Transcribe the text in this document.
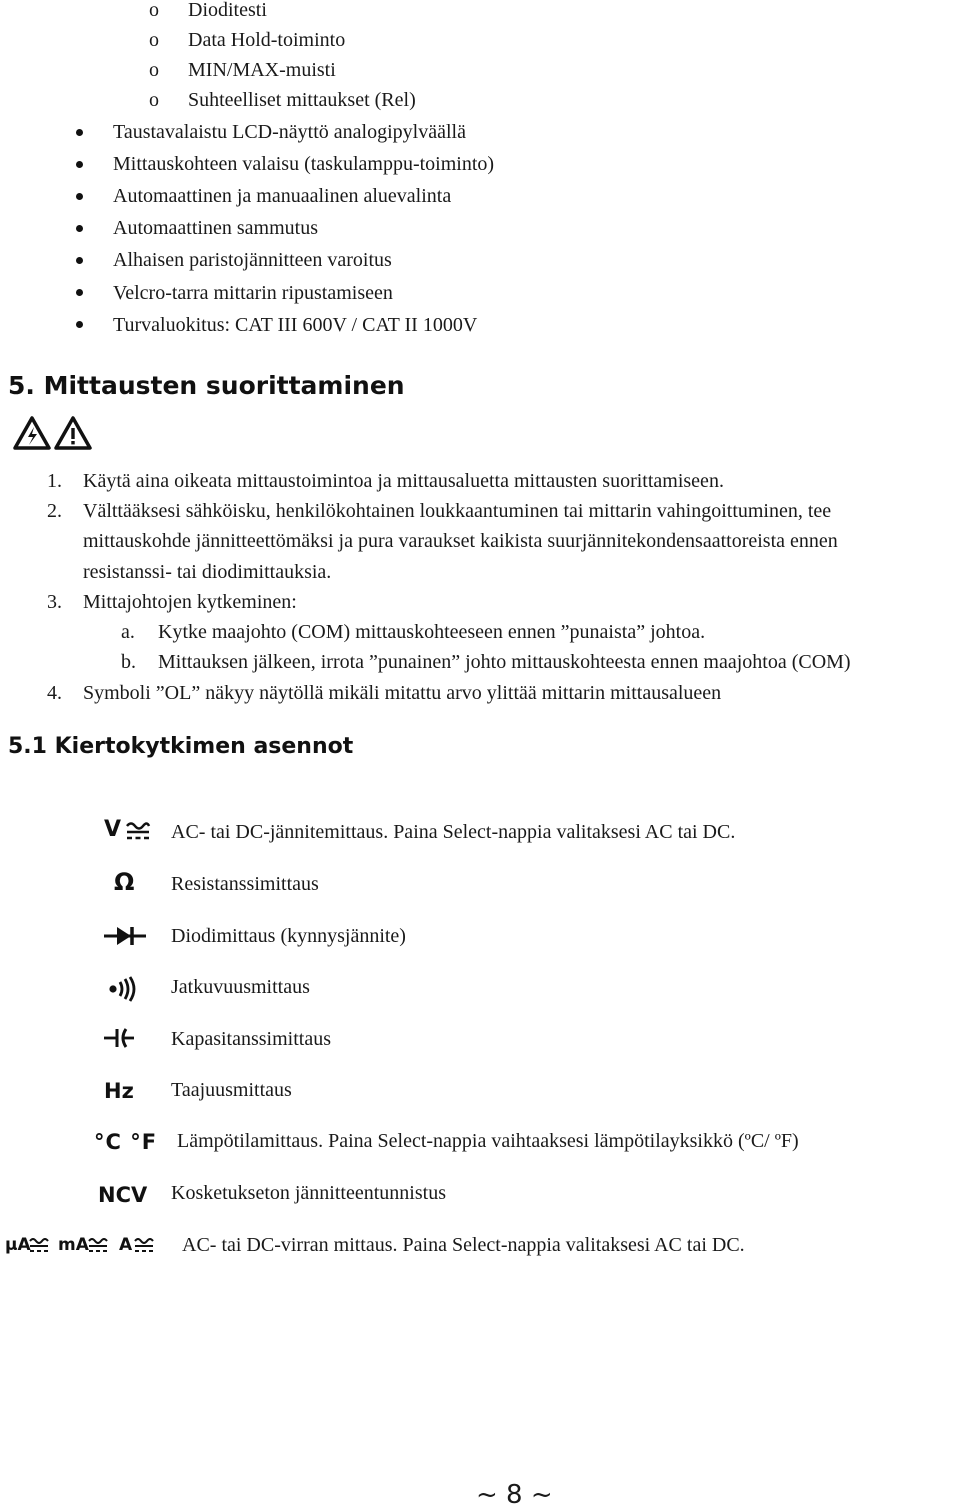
o Dioditesti
o Data Hold-toiminto
o MIN/MAX-muisti
o Suhteelliset mittaukset (Rel)
Taustavalaistu LCD-näyttö analogipylväällä
Mittauskohteen valaisu (taskulamppu-toiminto)
Automaattinen ja manuaalinen aluevalinta
Automaattinen sammutus
Alhaisen paristojännitteen varoitus
Velcro-tarra mittarin ripustamiseen
Turvaluokitus: CAT III 600V / CAT II 1000V
5. Mittausten suorittaminen
1. Käytä aina oikeata mittaustoimintoa ja mittausaluetta mittausten suorittamiseen.
2. Välttääksesi sähköisku, henkilökohtainen loukkaantuminen tai mittarin vahingoittuminen, tee
mittauskohde jännitteettömäksi ja pura varaukset kaikista suurjännitekondensaattoreista ennen
resistanssi- tai diodimittauksia.
3. Mittajohtojen kytkeminen:
a. Kytke maajohto (COM) mittauskohteeseen ennen ”punaista” johtoa.
b. Mittauksen jälkeen, irrota ”punainen” johto mittauskohteesta ennen maajohtoa (COM)
4. Symboli ”OL” näkyy näytöllä mikäli mitattu arvo ylittää mittarin mittausalueen
5.1 Kiertokytkimen asennot
V
Ω
Hz
°C °F
NCV
µA mA A
AC- tai DC-jännitemittaus. Paina Select-nappia valitaksesi AC tai DC.
Resistanssimittaus
Diodimittaus (kynnysjännite)
Jatkuvuusmittaus
Kapasitanssimittaus
Taajuusmittaus
Lämpötilamittaus. Paina Select-nappia vaihtaaksesi lämpötilayksikkö (ºC/ ºF)
Kosketukseton jännitteentunnistus
AC- tai DC-virran mittaus. Paina Select-nappia valitaksesi AC tai DC.
~ 8 ~
